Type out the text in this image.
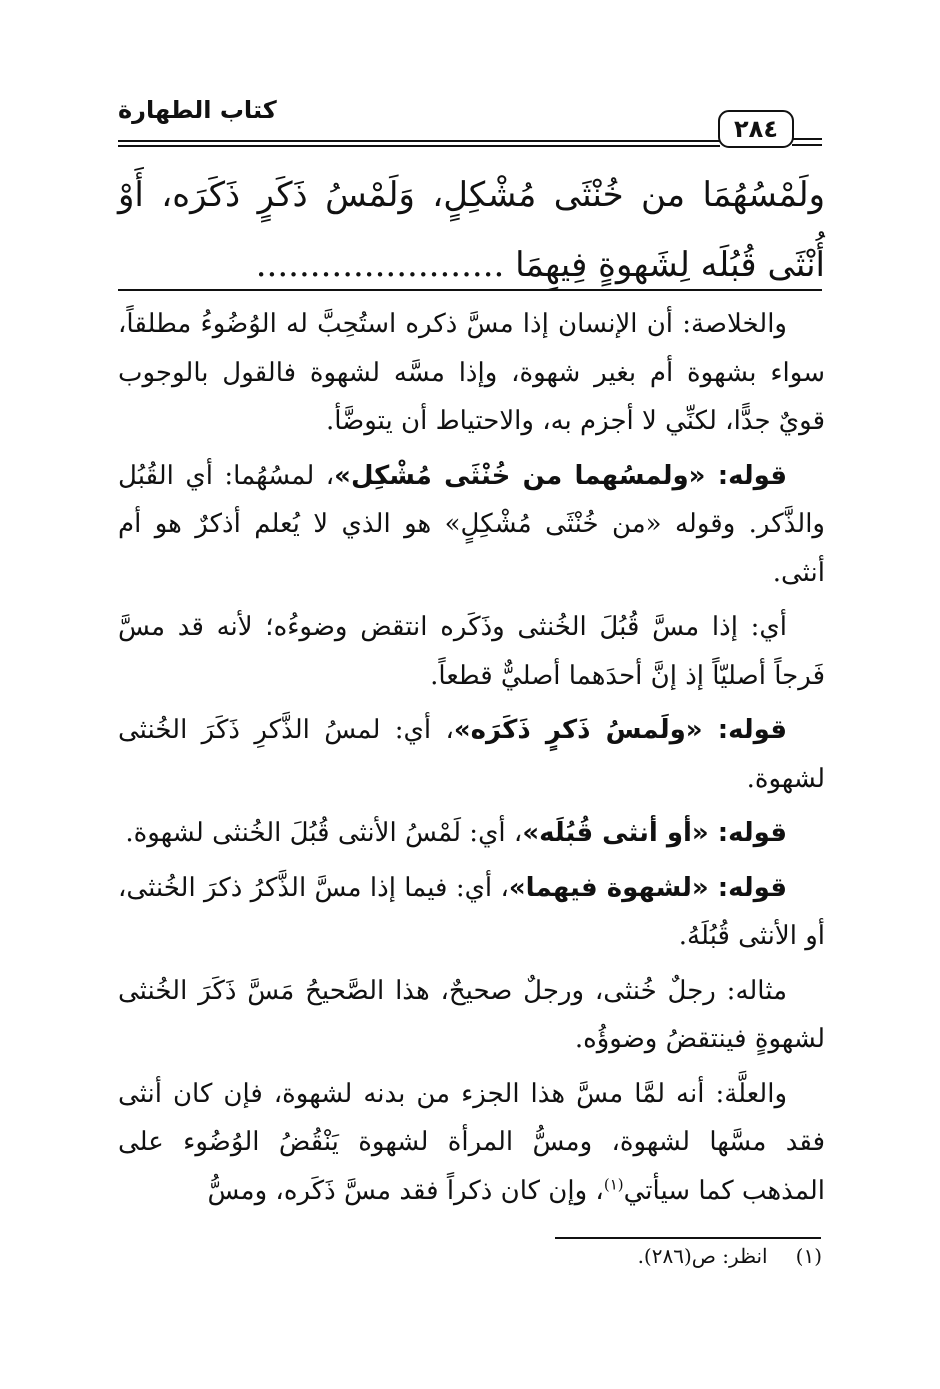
كتاب الطهارة
٢٨٤
ولَمْسُهُمَا من خُنْثَى مُشْكِلٍ، وَلَمْسُ ذَكَرٍ ذَكَرَه، أَوْ أُنْثَى قُبُلَه لِشَهوةٍ فِيهِمَا .......................

والخلاصة: أن الإنسان إذا مسَّ ذكره استُحِبَّ له الوُضُوءُ مطلقاً، سواء بشهوة أم بغير شهوة، وإذا مسَّه لشهوة فالقول بالوجوب قويٌ جدًّا، لكنِّي لا أجزم به، والاحتياط أن يتوضَّأ.

قوله: «ولمسُهما من خُنْثَى مُشْكِل»، لمسُهُما: أي القُبُل والذَّكر. وقوله «من خُنْثَى مُشْكِلٍ» هو الذي لا يُعلم أذكرٌ هو أم أنثى.

أي: إذا مسَّ قُبُلَ الخُنثى وذَكَره انتقض وضوءُه؛ لأنه قد مسَّ فَرجاً أصليّاً إذ إنَّ أحدَهما أصليٌّ قطعاً.

قوله: «ولَمسُ ذَكرٍ ذَكَرَه»، أي: لمسُ الذَّكرِ ذَكَرَ الخُنثى لشهوة.

قوله: «أو أنثى قُبُلَه»، أي: لَمْسُ الأنثى قُبُلَ الخُنثى لشهوة.

قوله: «لشهوة فيهما»، أي: فيما إذا مسَّ الذَّكرُ ذكرَ الخُنثى، أو الأنثى قُبُلَهُ.

مثاله: رجلٌ خُنثى، ورجلٌ صحيحٌ، هذا الصَّحيحُ مَسَّ ذَكَرَ الخُنثى لشهوةٍ فينتقضُ وضوؤُه.

والعلَّة: أنه لمَّا مسَّ هذا الجزء من بدنه لشهوة، فإن كان أنثى فقد مسَّها لشهوة، ومسُّ المرأة لشهوة يَنْقُضُ الوُضُوء على المذهب كما سيأتي$^{(١)}$، وإن كان ذكراً فقد مسَّ ذَكَره، ومسُّ

(١)انظر: ص(٢٨٦).
